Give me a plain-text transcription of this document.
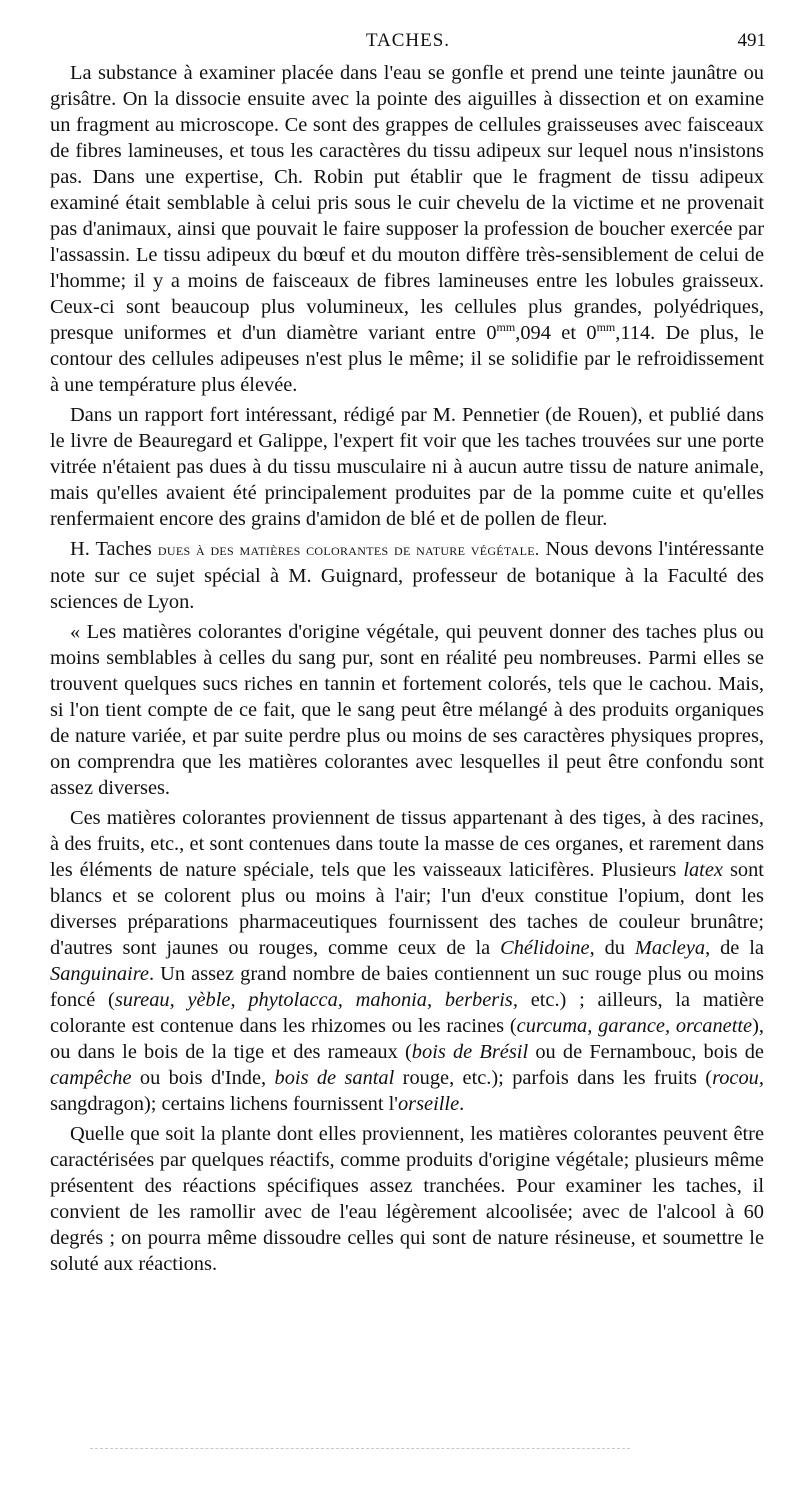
TACHES.	491

La substance à examiner placée dans l'eau se gonfle et prend une teinte jaunâtre ou grisâtre. On la dissocie ensuite avec la pointe des aiguilles à dissection et on examine un fragment au microscope. Ce sont des grappes de cellules graisseuses avec faisceaux de fibres lamineuses, et tous les caractères du tissu adipeux sur lequel nous n'insistons pas. Dans une expertise, Ch. Robin put établir que le fragment de tissu adipeux examiné était semblable à celui pris sous le cuir chevelu de la victime et ne provenait pas d'animaux, ainsi que pouvait le faire supposer la profession de boucher exercée par l'assassin. Le tissu adipeux du bœuf et du mouton diffère très-sensiblement de celui de l'homme; il y a moins de faisceaux de fibres lamineuses entre les lobules graisseux. Ceux-ci sont beaucoup plus volumineux, les cellules plus grandes, polyédriques, presque uniformes et d'un diamètre variant entre $0^{mm},094$ et $0^{mm},114$. De plus, le contour des cellules adipeuses n'est plus le même; il se solidifie par le refroidissement à une température plus élevée.

Dans un rapport fort intéressant, rédigé par M. Pennetier (de Rouen), et publié dans le livre de Beauregard et Galippe, l'expert fit voir que les taches trouvées sur une porte vitrée n'étaient pas dues à du tissu musculaire ni à aucun autre tissu de nature animale, mais qu'elles avaient été principalement produites par de la pomme cuite et qu'elles renfermaient encore des grains d'amidon de blé et de pollen de fleur.

H. Taches dues à des matières colorantes de nature végétale. Nous devons l'intéressante note sur ce sujet spécial à M. Guignard, professeur de botanique à la Faculté des sciences de Lyon.

« Les matières colorantes d'origine végétale, qui peuvent donner des taches plus ou moins semblables à celles du sang pur, sont en réalité peu nombreuses. Parmi elles se trouvent quelques sucs riches en tannin et fortement colorés, tels que le cachou. Mais, si l'on tient compte de ce fait, que le sang peut être mélangé à des produits organiques de nature variée, et par suite perdre plus ou moins de ses caractères physiques propres, on comprendra que les matières colorantes avec lesquelles il peut être confondu sont assez diverses.

Ces matières colorantes proviennent de tissus appartenant à des tiges, à des racines, à des fruits, etc., et sont contenues dans toute la masse de ces organes, et rarement dans les éléments de nature spéciale, tels que les vaisseaux laticifères. Plusieurs latex sont blancs et se colorent plus ou moins à l'air; l'un d'eux constitue l'opium, dont les diverses préparations pharmaceutiques fournissent des taches de couleur brunâtre; d'autres sont jaunes ou rouges, comme ceux de la Chélidoine, du Macleya, de la Sanguinaire. Un assez grand nombre de baies contiennent un suc rouge plus ou moins foncé (sureau, yèble, phytolacca, mahonia, berberis, etc.) ; ailleurs, la matière colorante est contenue dans les rhizomes ou les racines (curcuma, garance, orcanette), ou dans le bois de la tige et des rameaux (bois de Brésil ou de Fernambouc, bois de campêche ou bois d'Inde, bois de santal rouge, etc.); parfois dans les fruits (rocou, sangdragon); certains lichens fournissent l'orseille.

Quelle que soit la plante dont elles proviennent, les matières colorantes peuvent être caractérisées par quelques réactifs, comme produits d'origine végétale; plusieurs même présentent des réactions spécifiques assez tranchées. Pour examiner les taches, il convient de les ramollir avec de l'eau légèrement alcoolisée; avec de l'alcool à 60 degrés ; on pourra même dissoudre celles qui sont de nature résineuse, et soumettre le soluté aux réactions.
